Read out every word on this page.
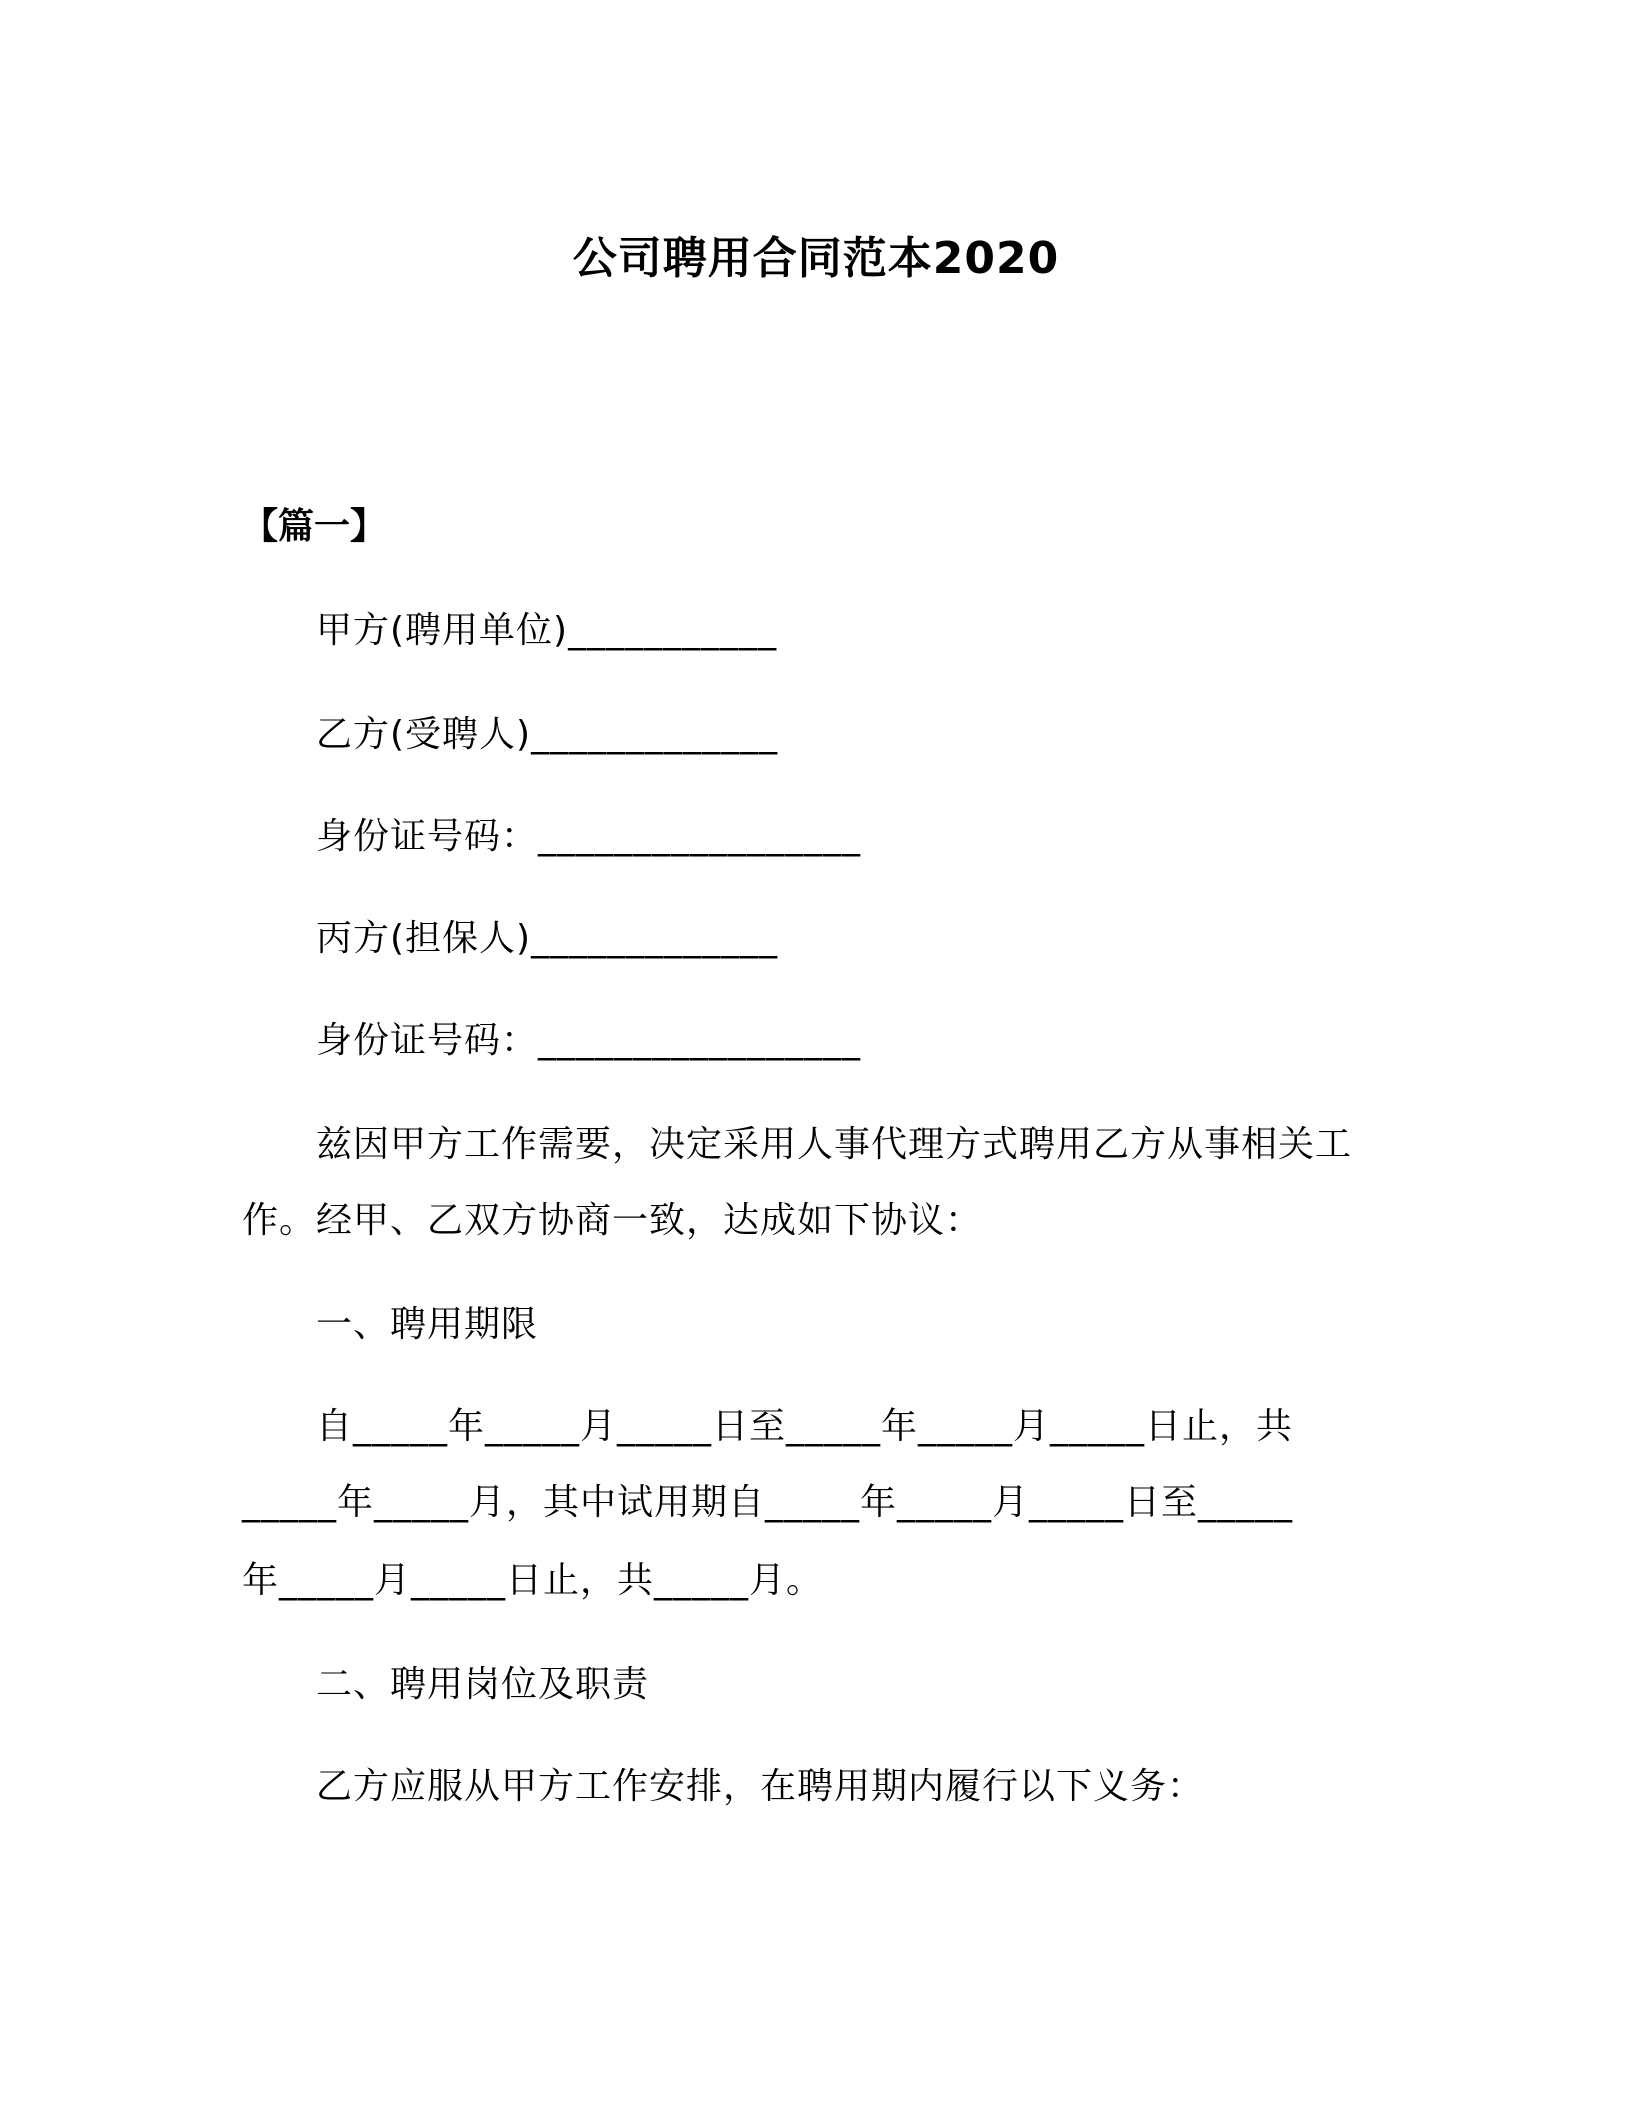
公司聘用合同范本2020
【篇一】
甲方(聘用单位)___________
乙方(受聘人)_____________
身份证号码：_________________
丙方(担保人)_____________
身份证号码：_________________
兹因甲方工作需要，决定采用人事代理方式聘用乙方从事相关工
作。经甲、乙双方协商一致，达成如下协议：
一、聘用期限
自_____年_____月_____日至_____年_____月_____日止，共
_____年_____月，其中试用期自_____年_____月_____日至_____
年_____月_____日止，共_____月。
二、聘用岗位及职责
乙方应服从甲方工作安排，在聘用期内履行以下义务：
